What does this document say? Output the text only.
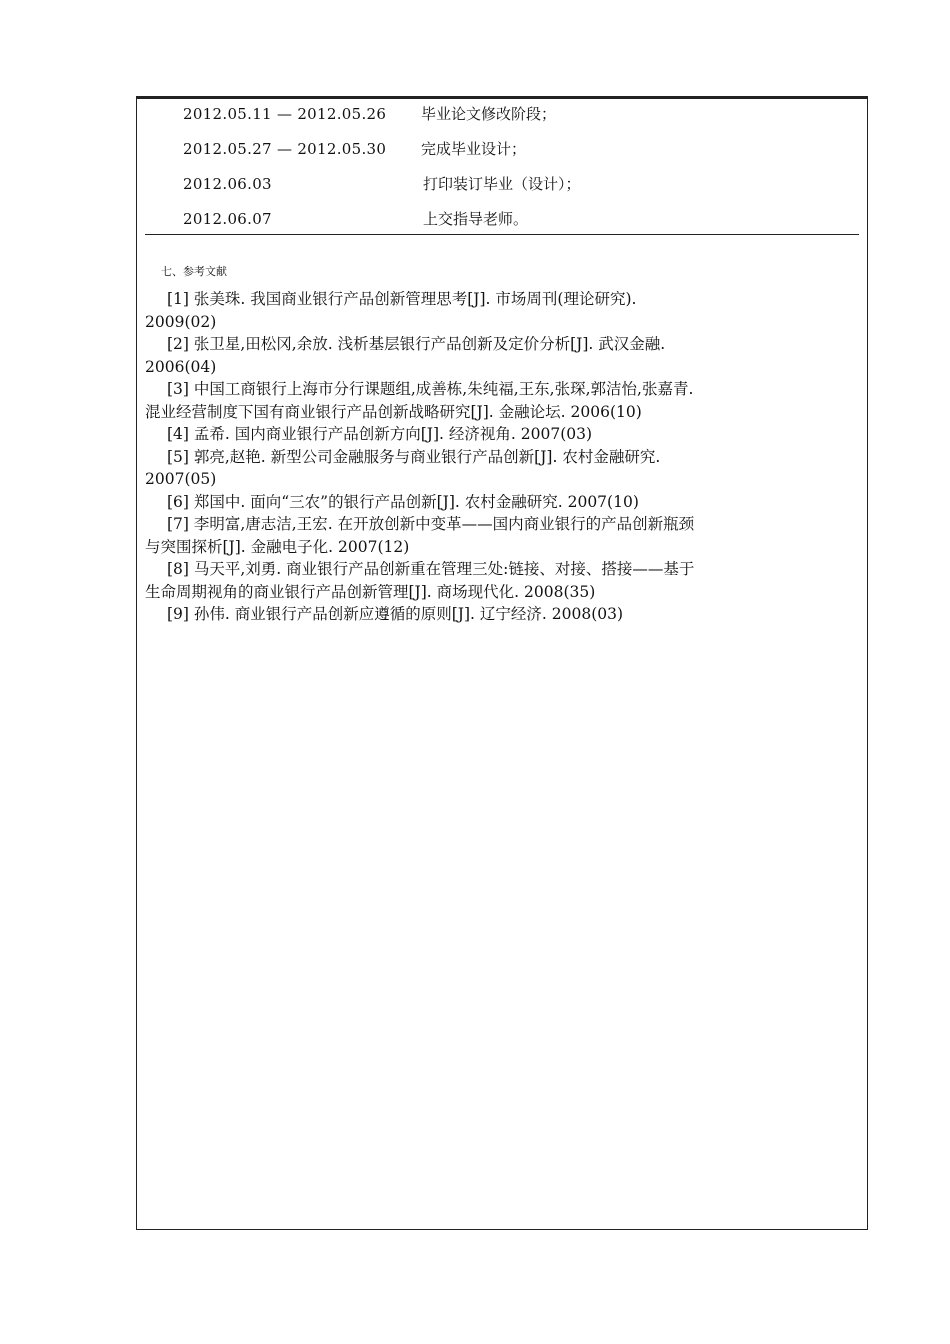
2012.05.11 — 2012.05.26 毕业论文修改阶段；
2012.05.27 — 2012.05.30 完成毕业设计；
2012.06.03	打印装订毕业（设计）；
2012.06.07	上交指导老师。
七、参考文献
[1] 张美珠. 我国商业银行产品创新管理思考[J]. 市场周刊(理论研究).
2009(02)
[2] 张卫星,田松冈,余放. 浅析基层银行产品创新及定价分析[J]. 武汉金融.
2006(04)
[3] 中国工商银行上海市分行课题组,成善栋,朱纯福,王东,张琛,郭洁怡,张嘉青.
混业经营制度下国有商业银行产品创新战略研究[J]. 金融论坛. 2006(10)
[4] 孟希. 国内商业银行产品创新方向[J]. 经济视角. 2007(03)
[5] 郭亮,赵艳. 新型公司金融服务与商业银行产品创新[J]. 农村金融研究.
2007(05)
[6] 郑国中. 面向“三农”的银行产品创新[J]. 农村金融研究. 2007(10)
[7] 李明富,唐志洁,王宏. 在开放创新中变革——国内商业银行的产品创新瓶颈
与突围探析[J]. 金融电子化. 2007(12)
[8] 马天平,刘勇. 商业银行产品创新重在管理三处:链接、对接、搭接——基于
生命周期视角的商业银行产品创新管理[J]. 商场现代化. 2008(35)
[9] 孙伟. 商业银行产品创新应遵循的原则[J]. 辽宁经济. 2008(03)
